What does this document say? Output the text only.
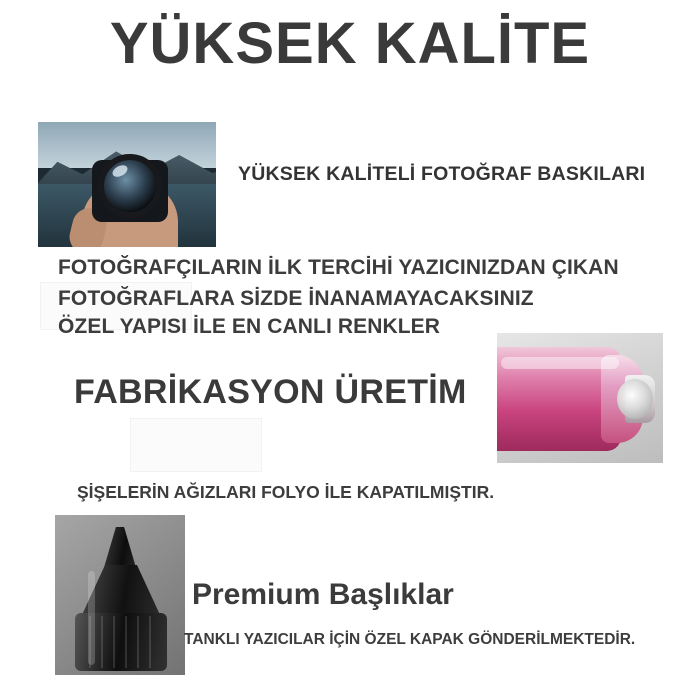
YÜKSEK KALİTE
YÜKSEK KALİTELİ FOTOĞRAF BASKILARI
FOTOĞRAFÇILARIN İLK TERCİHİ YAZICINIZDAN ÇIKAN
FOTOĞRAFLARA SİZDE İNANAMAYACAKSINIZ
ÖZEL YAPISI İLE EN CANLI RENKLER
FABRİKASYON ÜRETİM
ŞİŞELERİN AĞIZLARI FOLYO İLE KAPATILMIŞTIR.
Premium Başlıklar
TANKLI YAZICILAR İÇİN ÖZEL KAPAK GÖNDERİLMEKTEDİR.
